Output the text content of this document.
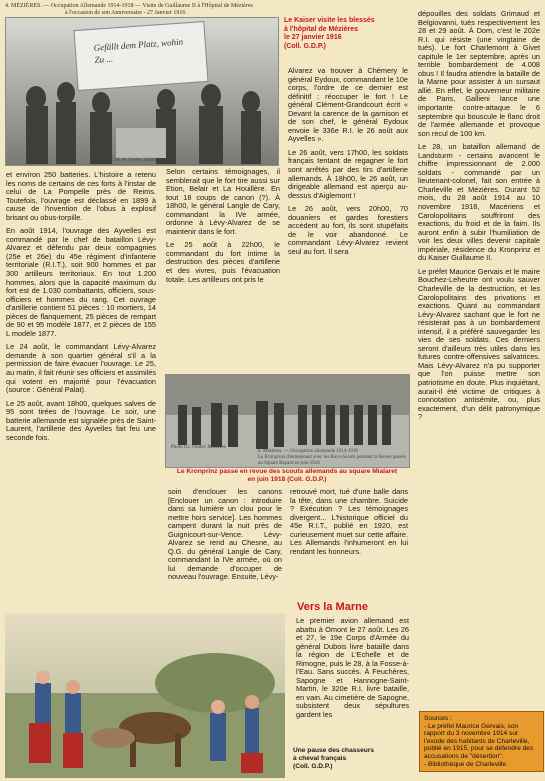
4. MÉZIÈRES. — Occupation Allemande 1914-1918 — Visite de Guillaume II à l'Hôpital de Mézières
à l'occasion de son Anniversaire - 27 Janvier 1916
Gefällt dem Platz, wohin
Zu ...
Coll. H. Viollet, Mézières
Le Kaiser visite les blessés
à l'hôpital de Mézières
le 27 janvier 1916
(Coll. G.D.P.)

et environ 250 batteries. L'histoire a retenu les noms de certains de ces forts à l'instar de celui de La Pompelle près de Reims. Toutefois, l'ouvrage est déclassé en 1899 à cause de l'invention de l'obus à explosif brisant ou obus-torpille.

En août 1914, l'ouvrage des Ayvelles est commandé par le chef de bataillon Lévy-Alvarez et défendu par deux compagnies (25e et 26e) du 45e régiment d'infanterie territoriale (R.I.T.), soit 900 hommes et par 300 artilleurs territoriaux. En tout 1.200 hommes, alors que la capacité maximum du fort est de 1.030 combattants, officiers, sous-officiers et hommes du rang. Cet ouvrage d'artillerie contient 51 pièces : 10 mortiers, 14 pièces de flanquement, 25 pièces de rempart de 90 et 95 modèle 1877, et 2 pièces de 155 L modèle 1877.

Le 24 août, le commandant Lévy-Alvarez demande à son quartier général s'il a la permission de faire évacuer l'ouvrage. Le 25, au matin, il fait réunir ses officiers et assimilés qui votent en majorité pour l'évacuation (source : Général Palat).

Le 25 août, avant 18h00, quelques salves de 95 sont tirées de l'ouvrage. Le soir, une batterie allemande est signalée près de Saint-Laurent, l'artillerie des Ayvelles fait feu une seconde fois.

Selon certains témoignages, il semblerait que le fort tire aussi sur Etion, Belair et La Houillère. En tout 18 coups de canon (?). À 18h00, le général Langle de Cary, commandant la IVe armée, ordonne à Lévy-Alvarez de se maintenir dans le fort.

Le 25 août à 22h00, le commandant du fort intime la destruction des pièces d'artillerie et des vivres, puis l'évacuation totale. Les artilleurs ont pris le

Alvarez va trouver à Chémery le général Eydoux, commandant le 10e corps, l'ordre de ce dernier est définitif : réoccuper le fort ! Le général Clément-Grandcourt écrit « Devant la carence de la garnison et de son chef, le général Eydoux envoie le 336e R.I. le 26 août aux Ayvelles ».

Le 26 août, vers 17h00, les soldats français tentant de regagner le fort sont arrêtés par des tirs d'artillerie allemands. À 18h00, le 26 août, un dirigeable allemand est aperçu au-dessus d'Aiglemont !

Le 26 août, vers 20h00, 70 douaniers et gardes forestiers accèdent au fort, ils sont stupéfaits de le voir abandonné. Le commandant Lévy-Alvarez revient seul au fort. Il sera

dépouilles des soldats Grimaud et Belgiovanni, tués respectivement les 28 et 29 août. À Dom, c'est le 202e R.I. qui résiste (une vingtaine de tués). Le fort Charlemont à Givet capitule le 1er septembre, après un terrible bombardement de 4.008 obus ! Il faudra attendre la bataille de la Marne pour assister à un sursaut allié. En effet, le gouverneur militaire de Paris, Gallieni lance une importante contre-attaque le 6 septembre qui bouscule le flanc droit de l'armée allemande et provoque son recul de 100 km.

Le 28, un bataillon allemand de Landsturm - certains avancent le chiffre impressionnant de 2.000 soldats - commandé par un lieutenant-colonel, fait son entrée à Charleville et Mézières. Durant 52 mois, du 28 août 1914 au 10 novembre 1918, Macériens et Carolopolitains souffriront des exactions, du froid et de la faim. Ils auront enfin à subir l'humiliation de voir les deux villes devenir capitale impériale, résidence du Kronprinz et du Kaiser Guillaume II.

Le préfet Maurice Gervais et le maire Bouchez-Leheutre ont voulu sauver Charleville de la destruction, et les Carolopolitains des privations et exactions. Quant au commandant Lévy-Alvarez sachant que le fort ne résisterait pas à un bombardement intensif, il a préféré sauvegarder les vies de ses soldats. Ces derniers seront d'ailleurs très utiles dans les futures contre-offensives salvatrices. Mais Lévy-Alvarez n'a pu supporter que l'on puisse mettre son patriotisme en doute. Plus inquiétant, aurait-il été victime de critiques à connotation antisémite, ou, plus exactement, d'un délit patronymique ?

Photo Gr. Viollet, Mézières
4. Mézières. — Occupation allemande 1914-1918
Le Kronprinz d'entretenant avec les Boys-Scouts pendant la Revue passée au Square Bayard en juin 1918
Le Kronprinz passe en revue des scouts allemands au square Mialaret
en juin 1918 (Coll. G.D.P.)

soin d'enclouer les canons [Enclouer un canon : introduire dans sa lumière un clou pour le mettre hors service]. Les hommes campent durant la nuit près de Guignicourt-sur-Vence. Lévy-Alvarez se rend au Chesne, au Q.G. du général Langle de Cary, commandant la IVe armée, où on lui demande d'occuper de nouveau l'ouvrage. Ensuite, Lévy-

retrouvé mort, tué d'une balle dans la tête, dans une chambre. Suicide ? Exécution ? Les témoignages divergent... L'historique officiel du 45e R.I.T., publié en 1920, est curieusement muet sur cette affaire. Les Allemands l'inhumeront en lui rendant les honneurs.

Vers la Marne
Le premier avion allemand est abattu à Omont le 27 août. Les 26 et 27, le 19e Corps d'Armée du général Dubois livre bataille dans la région de L'Echelle et de Rimogne, puis le 28, à la Fosse-à-l'Eau. Sans succès. À Feuchères, Sapogne et Hannogne-Saint-Martin, le 320e R.I. livre bataille, en vain. Au cimetière de Sapogne, subsistent deux sépultures gardent les
Une pause des chasseurs
à cheval français
(Coll. G.D.P.)

Sources :

- Le préfet Maurice Gervais, son rapport du 3 novembre 1914 sur l'exode des habitants de Charleville, publié en 1915, pour se défendre des accusations de "désertion".

- Bibliothèque de Charleville
